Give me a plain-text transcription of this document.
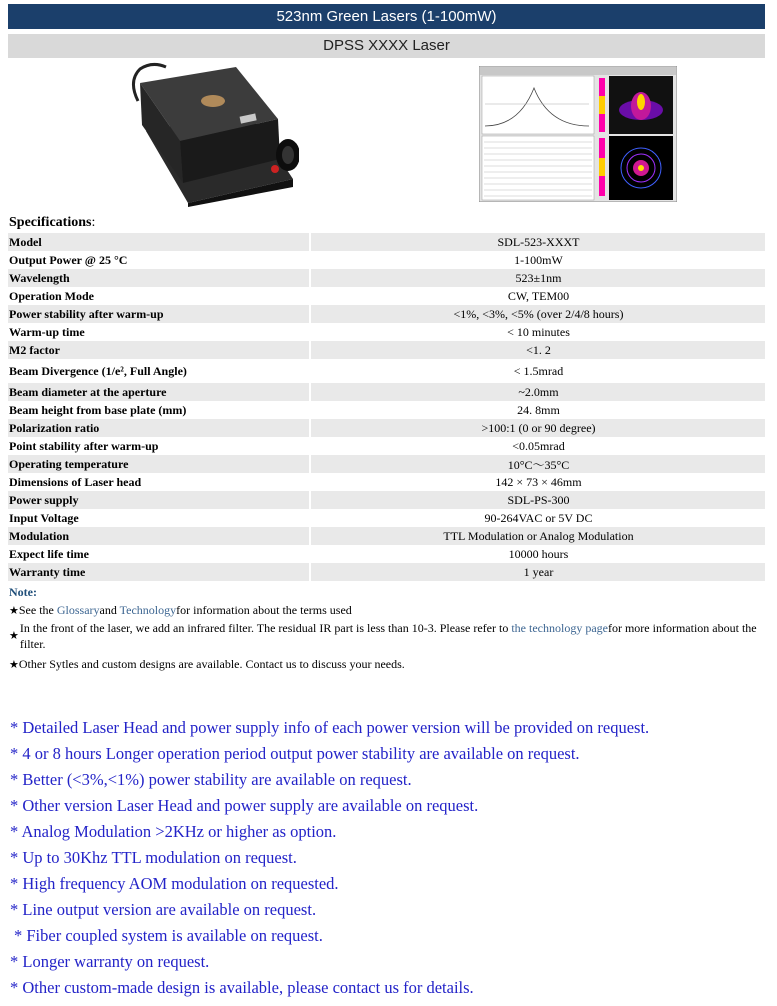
523nm Green Lasers (1-100mW)
DPSS XXXX Laser
Specifications:
Model		SDL-523-XXXT
Output Power @ 25 °C		1-100mW
Wavelength		523±1nm
Operation Mode		CW, TEM00
Power stability after warm-up		<1%, <3%, <5% (over 2/4/8 hours)
Warm-up time		< 10 minutes
M2 factor		<1. 2
Beam Divergence (1/e², Full Angle)		< 1.5mrad
Beam diameter at the aperture		~2.0mm
Beam height from base plate (mm)		24. 8mm
Polarization ratio		>100:1 (0 or 90 degree)
Point stability after warm-up		<0.05mrad
Operating temperature		10°C～35°C
Dimensions of Laser head		142 × 73 × 46mm
Power supply		SDL-PS-300
Input Voltage		90-264VAC or 5V DC
Modulation		TTL Modulation or Analog Modulation
Expect life time		10000 hours
Warranty time		1 year
Note:
★See the Glossaryand Technologyfor information about the terms used
★
In the front of the laser, we add an infrared filter. The residual IR part is less than 10-3. Please refer to the technology pagefor more information about the filter.
★Other Sytles and custom designs are available. Contact us to discuss your needs.
* Detailed Laser Head and power supply info of each power version will be provided on request.
* 4 or 8 hours Longer operation period output power stability are available on request.
* Better (<3%,<1%) power stability are available on request.
* Other version Laser Head and power supply are available on request.
* Analog Modulation >2KHz or higher as option.
* Up to 30Khz TTL modulation on request.
* High frequency AOM modulation on requested.
* Line output version are available on request.
* Fiber coupled system is available on request.
* Longer warranty on request.
* Other custom-made design is available, please contact us for details.
